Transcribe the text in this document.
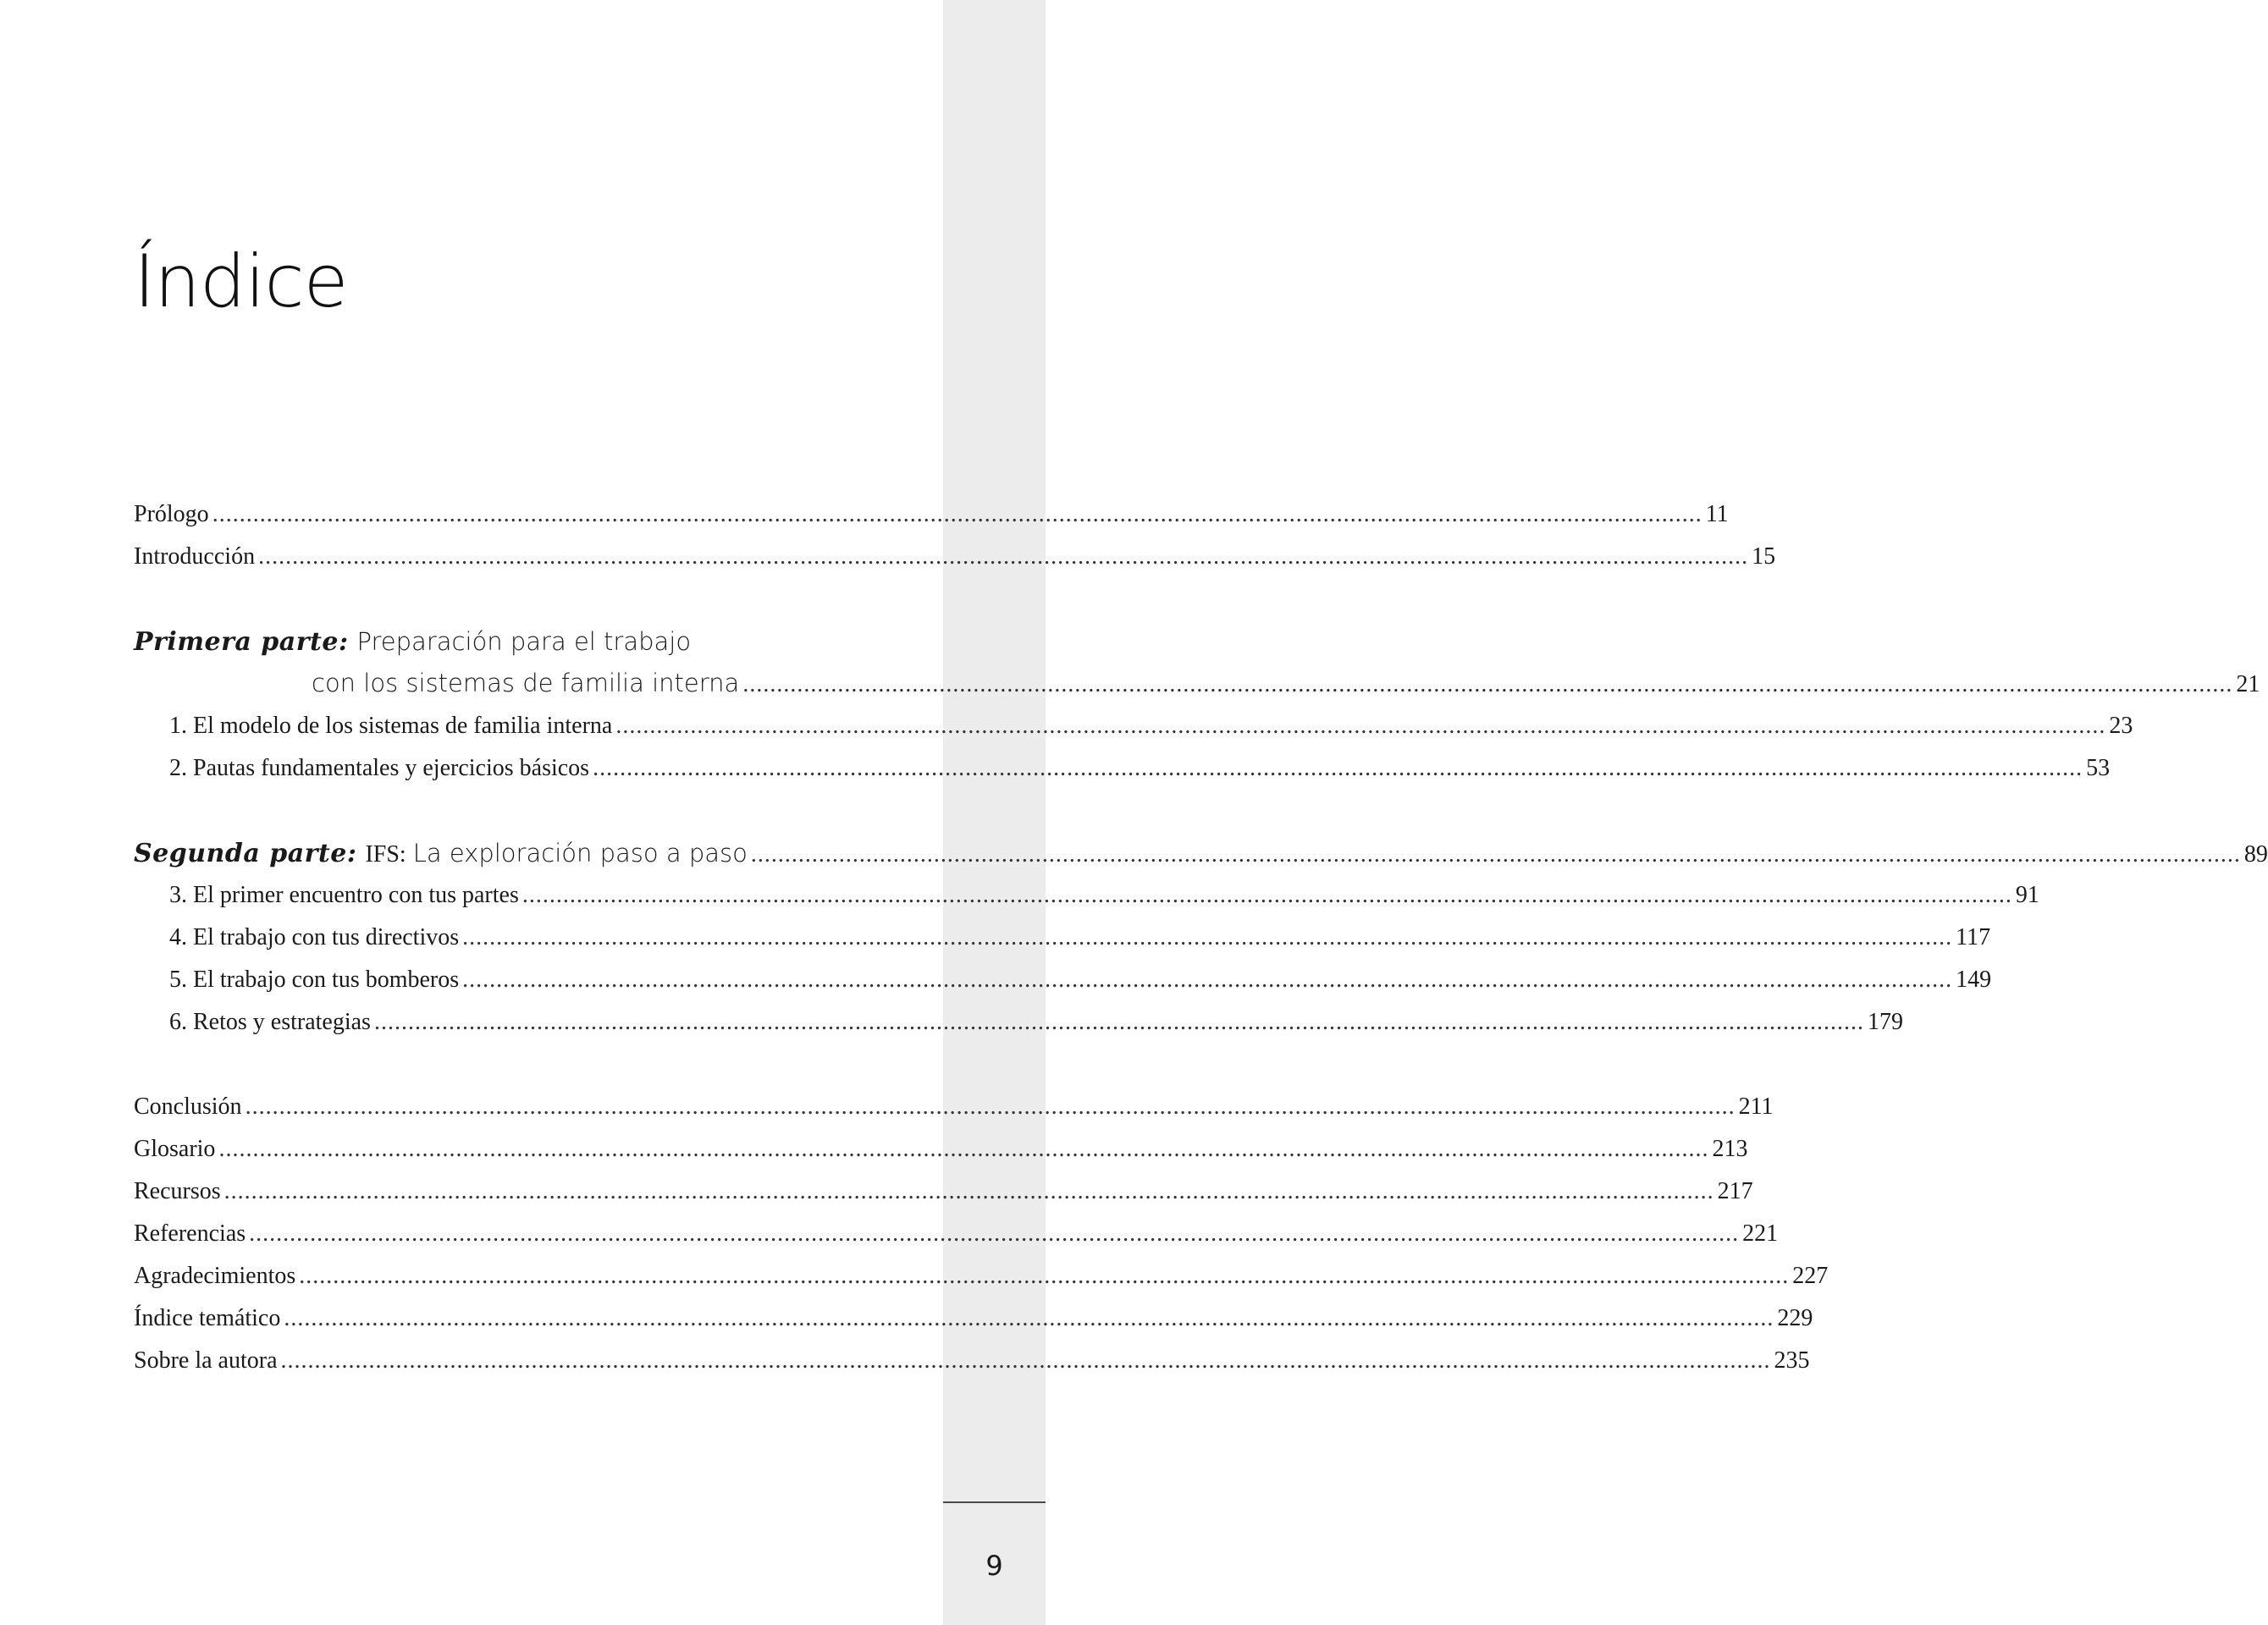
9
Índice
Prólogo ............................................................................................................................................................................................................................ 11
Introducción ............................................................................................................................................................................................................................ 15
Primera parte: Preparación para el trabajo
con los sistemas de familia interna ............................................................................................................................................................................................................................ 21
1. El modelo de los sistemas de familia interna ............................................................................................................................................................................................................................ 23
2. Pautas fundamentales y ejercicios básicos ............................................................................................................................................................................................................................ 53
Segunda parte: IFS: La exploración paso a paso ............................................................................................................................................................................................................................ 89
3. El primer encuentro con tus partes ............................................................................................................................................................................................................................ 91
4. El trabajo con tus directivos ............................................................................................................................................................................................................................ 117
5. El trabajo con tus bomberos ............................................................................................................................................................................................................................ 149
6. Retos y estrategias ............................................................................................................................................................................................................................ 179
Conclusión ............................................................................................................................................................................................................................ 211
Glosario ............................................................................................................................................................................................................................ 213
Recursos ............................................................................................................................................................................................................................ 217
Referencias ............................................................................................................................................................................................................................ 221
Agradecimientos ............................................................................................................................................................................................................................ 227
Índice temático ............................................................................................................................................................................................................................ 229
Sobre la autora ............................................................................................................................................................................................................................ 235
